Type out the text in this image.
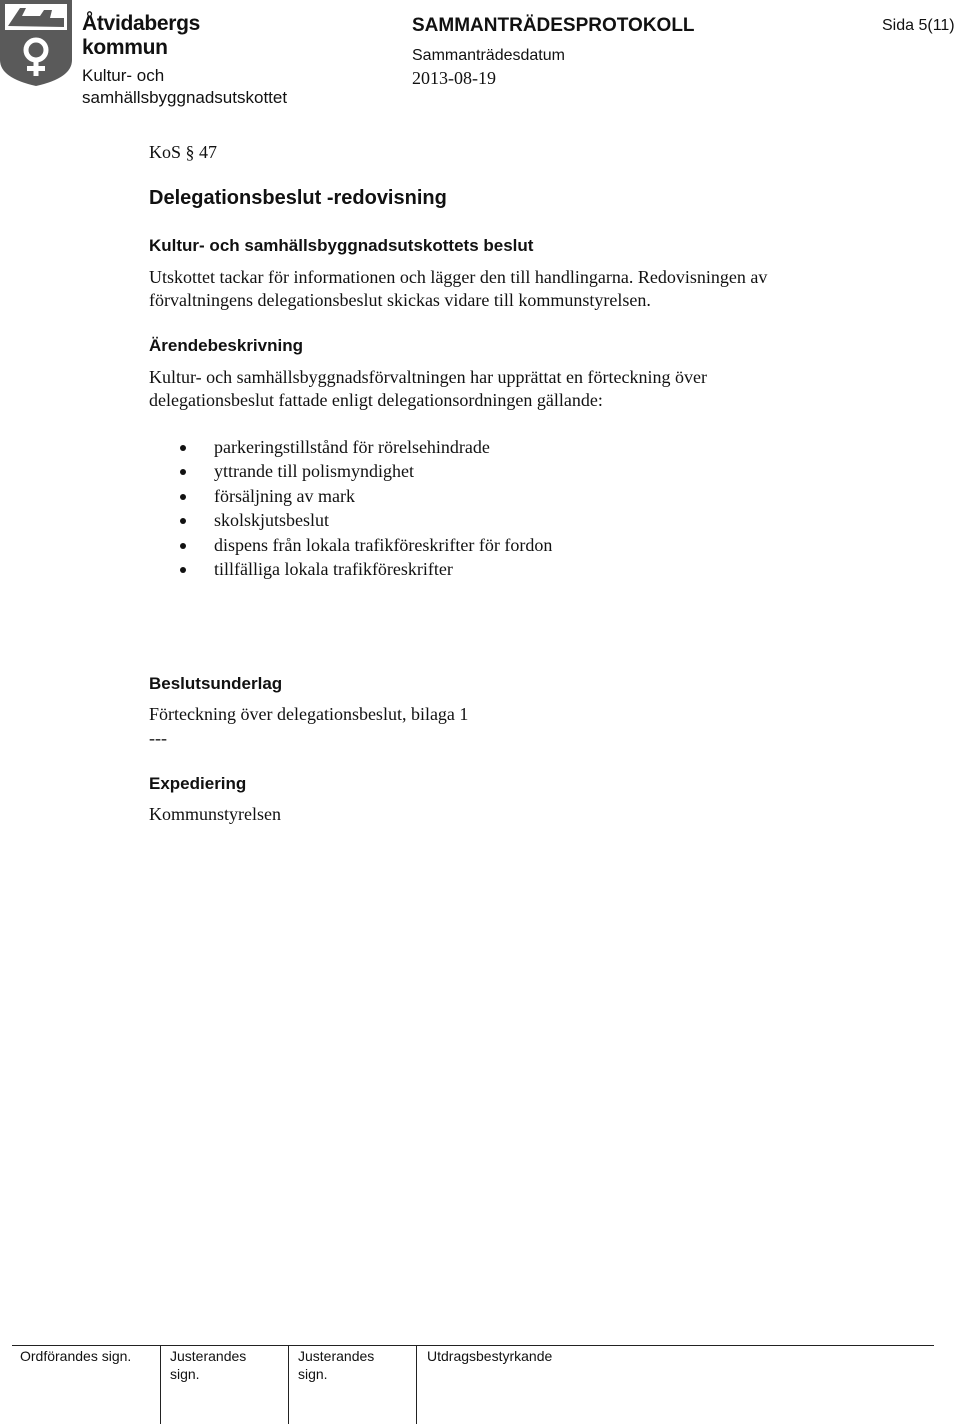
Åtvidabergs
kommun
Kultur- och
samhällsbyggnadsutskottet
SAMMANTRÄDESPROTOKOLL
Sammanträdesdatum
2013-08-19
Sida 5(11)
KoS § 47
Delegationsbeslut -redovisning
Kultur- och samhällsbyggnadsutskottets beslut
Utskottet tackar för informationen och lägger den till handlingarna. Redovisningen av förvaltningens delegationsbeslut skickas vidare till kommunstyrelsen.
Ärendebeskrivning
Kultur- och samhällsbyggnadsförvaltningen har upprättat en förteckning över delegationsbeslut fattade enligt delegationsordningen gällande:
parkeringstillstånd för rörelsehindrade
yttrande till polismyndighet
försäljning av mark
skolskjutsbeslut
dispens från lokala trafikföreskrifter för fordon
tillfälliga lokala trafikföreskrifter
Beslutsunderlag
Förteckning över delegationsbeslut, bilaga 1
---
Expediering
Kommunstyrelsen
Ordförandes sign.	Justerandes
sign.
Justerandes
sign.
Utdragsbestyrkande
